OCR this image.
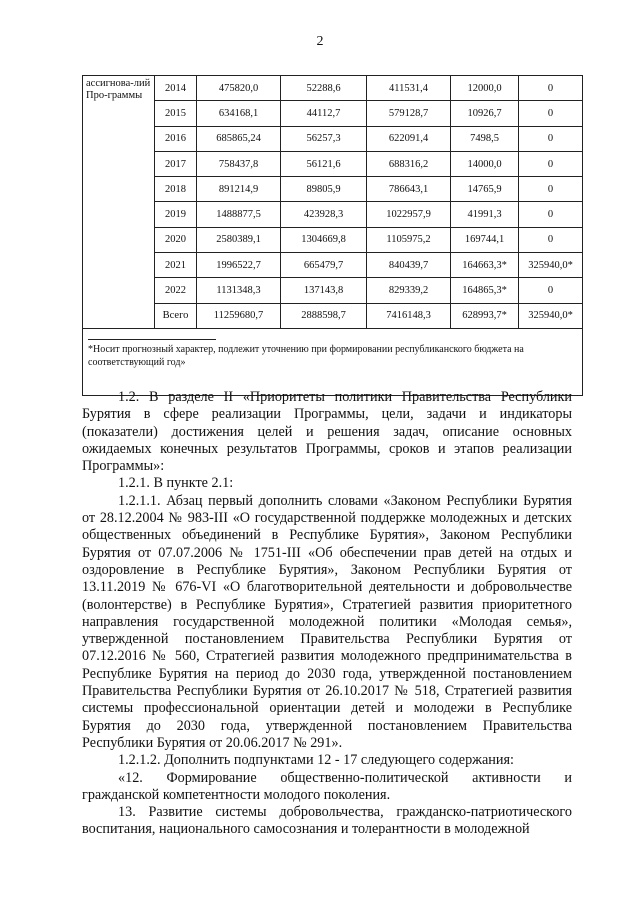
2
ассигнова-лий Про-граммы	2014	475820,0	52288,6	411531,4	12000,0	0
	2015	634168,1	44112,7	579128,7	10926,7	0
	2016	685865,24	56257,3	622091,4	7498,5	0
	2017	758437,8	56121,6	688316,2	14000,0	0
	2018	891214,9	89805,9	786643,1	14765,9	0
	2019	1488877,5	423928,3	1022957,9	41991,3	0
	2020	2580389,1	1304669,8	1105975,2	169744,1	0
	2021	1996522,7	665479,7	840439,7	164663,3*	325940,0*
	2022	1131348,3	137143,8	829339,2	164865,3*	0
	Всего	11259680,7	2888598,7	7416148,3	628993,7*	325940,0*

*Носит прогнозный характер, подлежит уточнению при формировании республиканского бюджета на соответствующий год»						

1.2. В разделе II «Приоритеты политики Правительства Республики Бурятия в сфере реализации Программы, цели, задачи и индикаторы (показатели) достижения целей и решения задач, описание основных ожидаемых конечных результатов Программы, сроков и этапов реализации Программы»:

1.2.1. В пункте 2.1:

1.2.1.1. Абзац первый дополнить словами «Законом Республики Бурятия от 28.12.2004 № 983-III «О государственной поддержке молодежных и детских общественных объединений в Республике Бурятия», Законом Республики Бурятия от 07.07.2006 № 1751-III «Об обеспечении прав детей на отдых и оздоровление в Республике Бурятия», Законом Республики Бурятия от 13.11.2019 № 676-VI «О благотворительной деятельности и добровольчестве (волонтерстве) в Республике Бурятия», Стратегией развития приоритетного направления государственной молодежной политики «Молодая семья», утвержденной постановлением Правительства Республики Бурятия от 07.12.2016 № 560, Стратегией развития молодежного предпринимательства в Республике Бурятия на период до 2030 года, утвержденной постановлением Правительства Республики Бурятия от 26.10.2017 № 518, Стратегией развития системы профессиональной ориентации детей и молодежи в Республике Бурятия до 2030 года, утвержденной постановлением Правительства Республики Бурятия от 20.06.2017 № 291».

1.2.1.2. Дополнить подпунктами 12 - 17 следующего содержания:

«12. Формирование общественно-политической активности и гражданской компетентности молодого поколения.

13. Развитие системы добровольчества, гражданско-патриотического воспитания, национального самосознания и толерантности в молодежной
